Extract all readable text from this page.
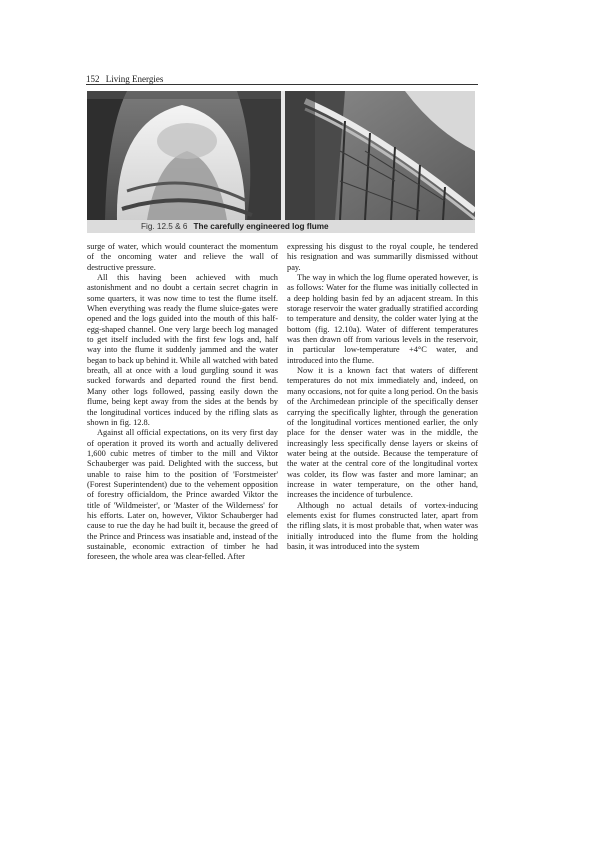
152 Living Energies
Fig. 12.5 & 6 The carefully engineered log flume

surge of water, which would counteract the momentum of the oncoming water and relieve the wall of destructive pressure.

All this having been achieved with much astonishment and no doubt a certain secret chagrin in some quarters, it was now time to test the flume itself. When everything was ready the flume sluice-gates were opened and the logs guided into the mouth of this half-egg-shaped channel. One very large beech log managed to get itself included with the first few logs and, half way into the flume it suddenly jammed and the water began to back up behind it. While all watched with bated breath, all at once with a loud gurgling sound it was sucked forwards and departed round the first bend. Many other logs followed, passing easily down the flume, being kept away from the sides at the bends by the longitudinal vortices induced by the rifling slats as shown in fig. 12.8.

Against all official expectations, on its very first day of operation it proved its worth and actually delivered 1,600 cubic metres of timber to the mill and Viktor Schauberger was paid. Delighted with the success, but unable to raise him to the position of 'Forstmeister' (Forest Superintendent) due to the vehement opposition of forestry officialdom, the Prince awarded Viktor the title of 'Wildmeister', or 'Master of the Wilderness' for his efforts. Later on, however, Viktor Schauberger had cause to rue the day he had built it, because the greed of the Prince and Princess was insatiable and, instead of the sustainable, economic extraction of timber he had foreseen, the whole area was clear-felled. After

expressing his disgust to the royal couple, he tendered his resignation and was summarilly dismissed without pay.

The way in which the log flume operated however, is as follows: Water for the flume was initially collected in a deep holding basin fed by an adjacent stream. In this storage reservoir the water gradually stratified according to temperature and density, the colder water lying at the bottom (fig. 12.10a). Water of different temperatures was then drawn off from various levels in the reservoir, in particular low-temperature +4°C water, and introduced into the flume.

Now it is a known fact that waters of different temperatures do not mix immediately and, indeed, on many occasions, not for quite a long period. On the basis of the Archimedean principle of the specifically denser carrying the specifically lighter, through the generation of the longitudinal vortices mentioned earlier, the only place for the denser water was in the middle, the increasingly less specifically dense layers or skeins of water being at the outside. Because the temperature of the water at the central core of the longitudinal vortex was colder, its flow was faster and more laminar; an increase in water temperature, on the other hand, increases the incidence of turbulence.

Although no actual details of vortex-inducing elements exist for flumes constructed later, apart from the rifling slats, it is most probable that, when water was initially introduced into the flume from the holding basin, it was introduced into the system
